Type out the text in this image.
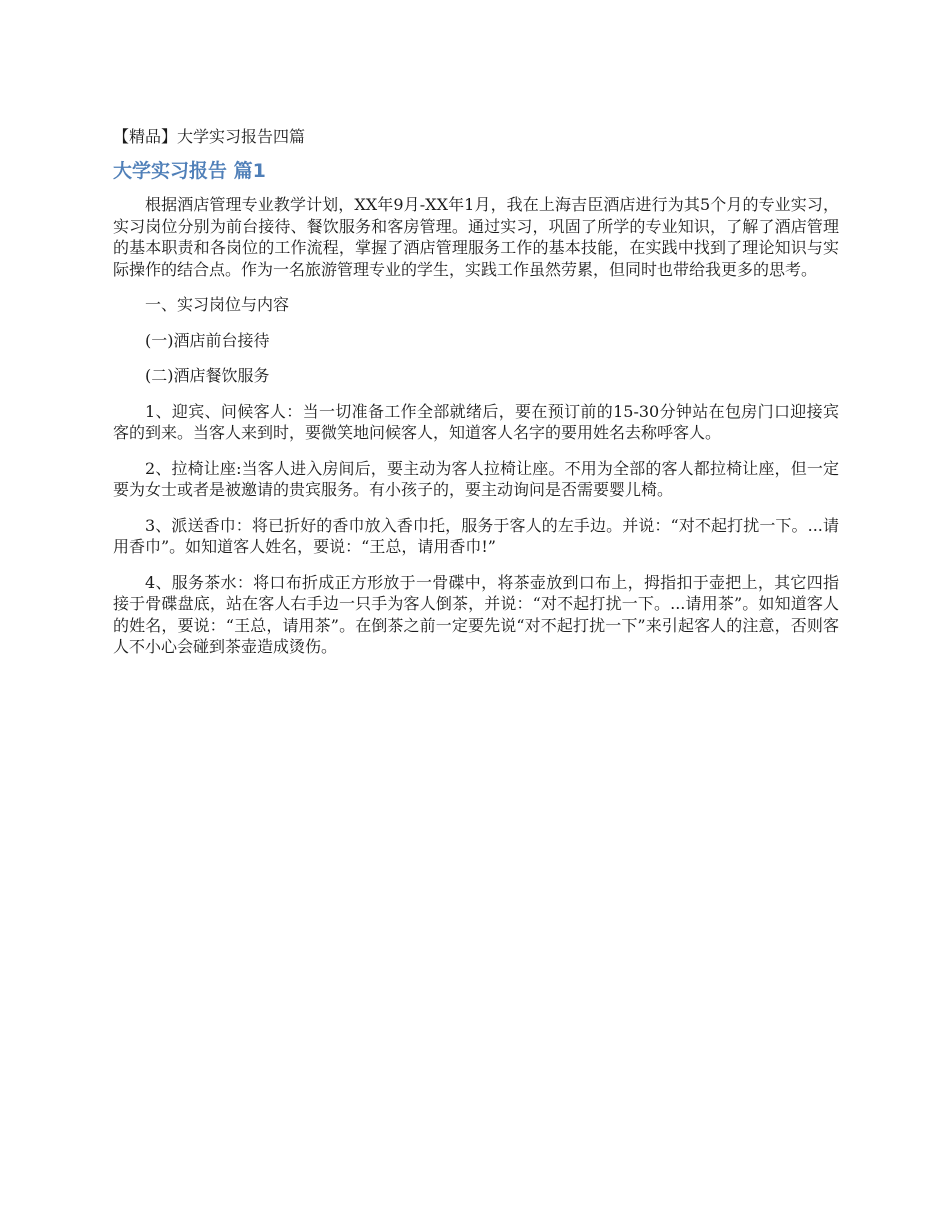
【精品】大学实习报告四篇
大学实习报告 篇1

根据酒店管理专业教学计划，XX年9月-XX年1月，我在上海吉臣酒店进行为其5个月的专业实习，实习岗位分别为前台接待、餐饮服务和客房管理。通过实习，巩固了所学的专业知识，了解了酒店管理的基本职责和各岗位的工作流程，掌握了酒店管理服务工作的基本技能，在实践中找到了理论知识与实际操作的结合点。作为一名旅游管理专业的学生，实践工作虽然劳累，但同时也带给我更多的思考。

一、实习岗位与内容

(一)酒店前台接待

(二)酒店餐饮服务

1、迎宾、问候客人：当一切准备工作全部就绪后，要在预订前的15-30分钟站在包房门口迎接宾客的到来。当客人来到时，要微笑地问候客人，知道客人名字的要用姓名去称呼客人。

2、拉椅让座:当客人进入房间后，要主动为客人拉椅让座。不用为全部的客人都拉椅让座，但一定要为女士或者是被邀请的贵宾服务。有小孩子的，要主动询问是否需要婴儿椅。

3、派送香巾：将已折好的香巾放入香巾托，服务于客人的左手边。并说：“对不起打扰一下。...请用香巾”。如知道客人姓名，要说：“王总，请用香巾!”

4、服务茶水：将口布折成正方形放于一骨碟中，将茶壶放到口布上，拇指扣于壶把上，其它四指接于骨碟盘底，站在客人右手边一只手为客人倒茶，并说：“对不起打扰一下。...请用茶”。如知道客人的姓名，要说：“王总，请用茶”。在倒茶之前一定要先说“对不起打扰一下”来引起客人的注意，否则客人不小心会碰到茶壶造成烫伤。
